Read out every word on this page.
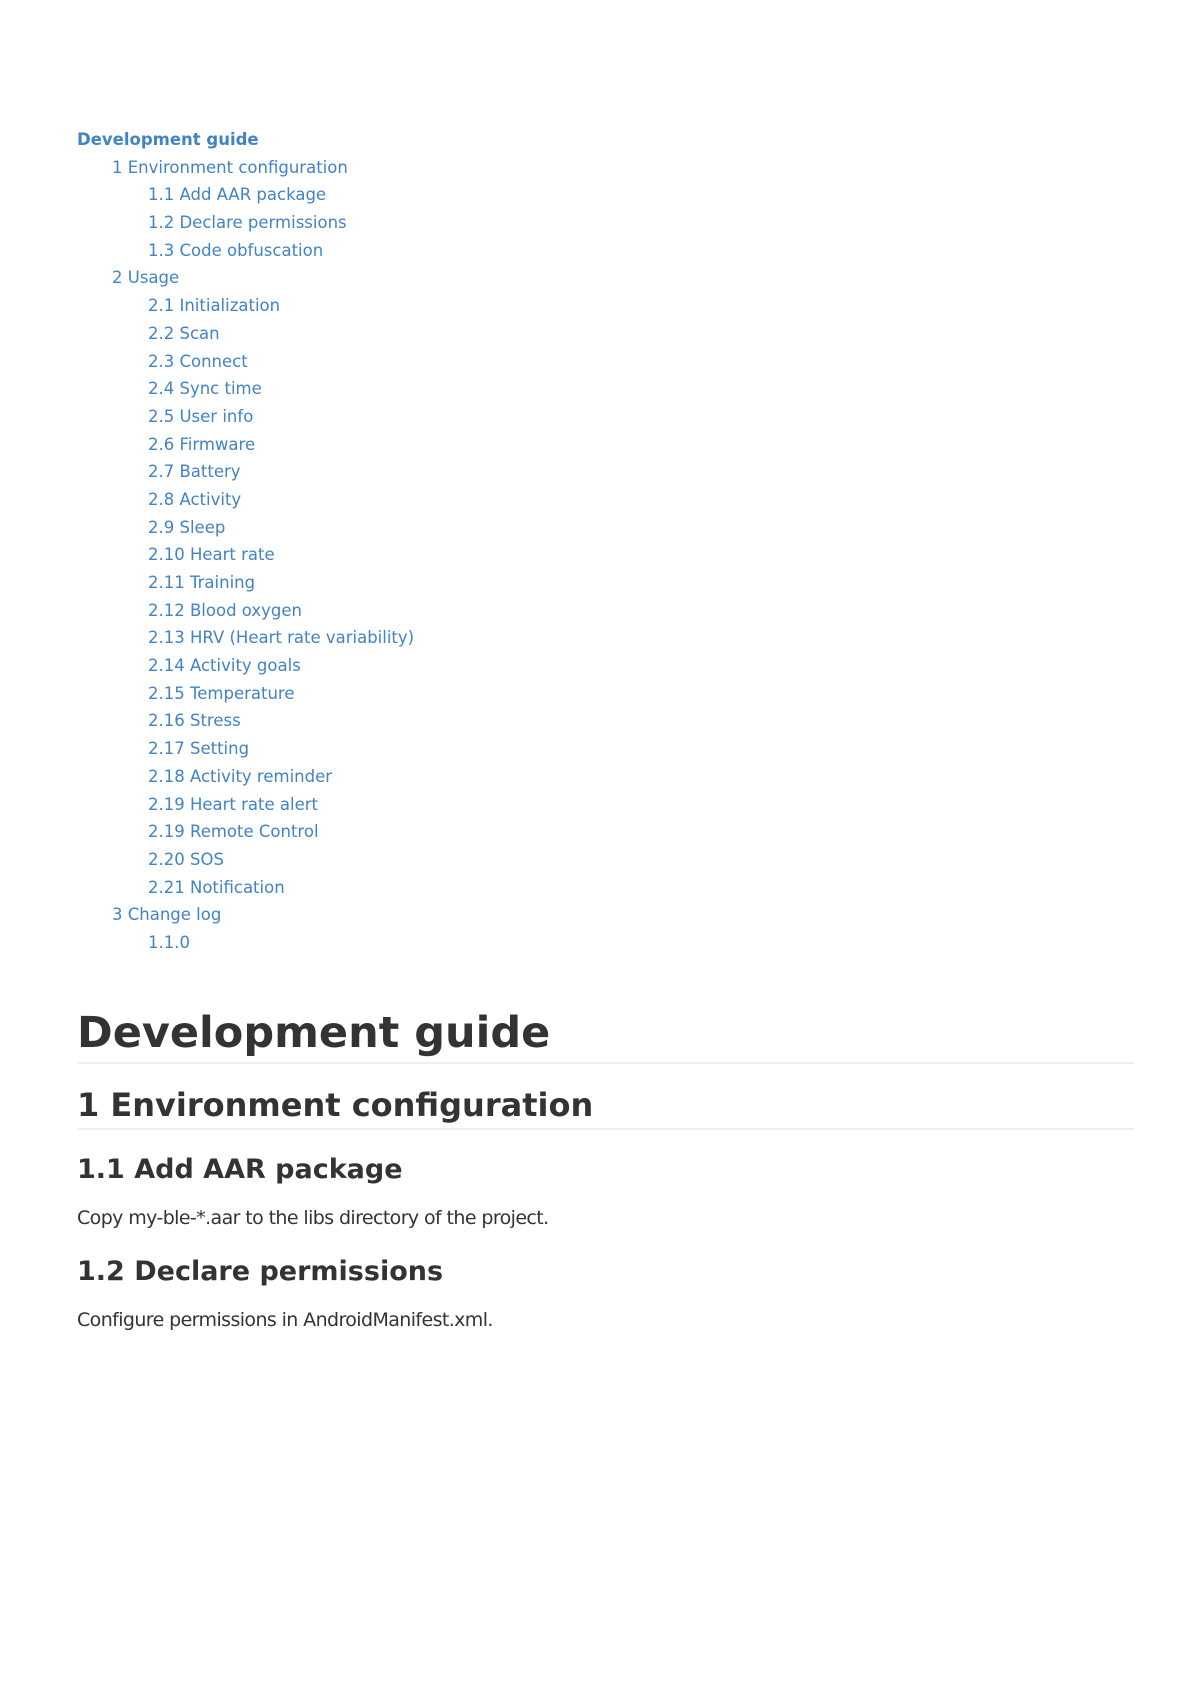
Development guide
1 Environment configuration
1.1 Add AAR package
1.2 Declare permissions
1.3 Code obfuscation
2 Usage
2.1 Initialization
2.2 Scan
2.3 Connect
2.4 Sync time
2.5 User info
2.6 Firmware
2.7 Battery
2.8 Activity
2.9 Sleep
2.10 Heart rate
2.11 Training
2.12 Blood oxygen
2.13 HRV (Heart rate variability)
2.14 Activity goals
2.15 Temperature
2.16 Stress
2.17 Setting
2.18 Activity reminder
2.19 Heart rate alert
2.19 Remote Control
2.20 SOS
2.21 Notification
3 Change log
1.1.0
Development guide
1 Environment configuration
1.1 Add AAR package

Copy my-ble-*.aar to the libs directory of the project.

1.2 Declare permissions

Configure permissions in AndroidManifest.xml.
